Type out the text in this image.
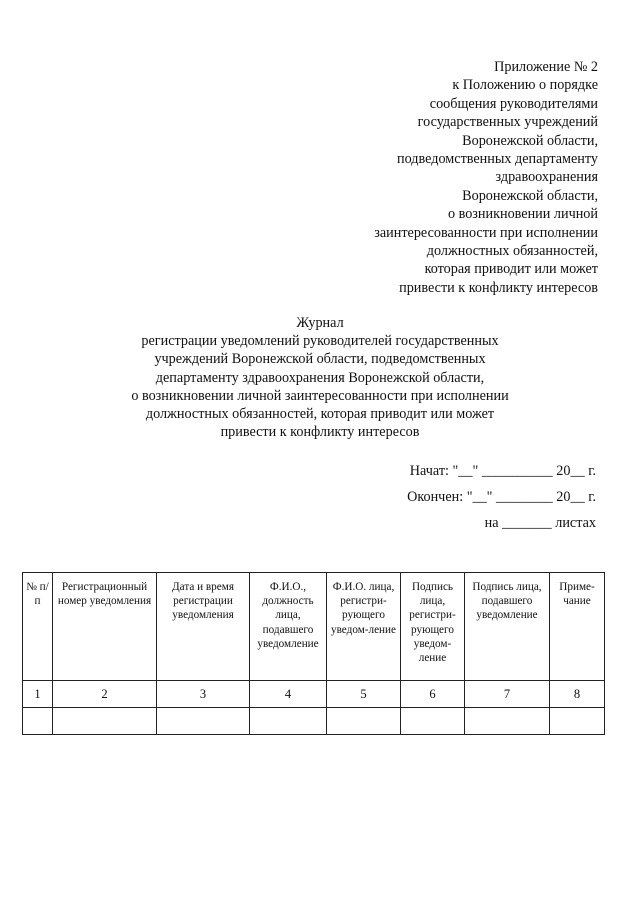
Приложение № 2
к Положению о порядке
сообщения руководителями
государственных учреждений
Воронежской области,
подведомственных департаменту
здравоохранения
Воронежской области,
о возникновении личной
заинтересованности при исполнении
должностных обязанностей,
которая приводит или может
привести к конфликту интересов
Журнал
регистрации уведомлений руководителей государственных
учреждений Воронежской области, подведомственных
департаменту здравоохранения Воронежской области,
о возникновении личной заинтересованности при исполнении
должностных обязанностей, которая приводит или может
привести к конфликту интересов
Начат: "__" __________ 20__ г.
Окончен: "__" ________ 20__ г.
на _______ листах
№ п/п	Регистрационный номер уведомления	Дата и время регистрации уведомления	Ф.И.О., должность лица, подавшего уведомление	Ф.И.О. лица, регистри-рующего уведом-ление	Подпись лица, регистри-рующего уведом-ление	Подпись лица, подавшего уведомление	Приме-чание
1	2	3	4	5	6	7	8
